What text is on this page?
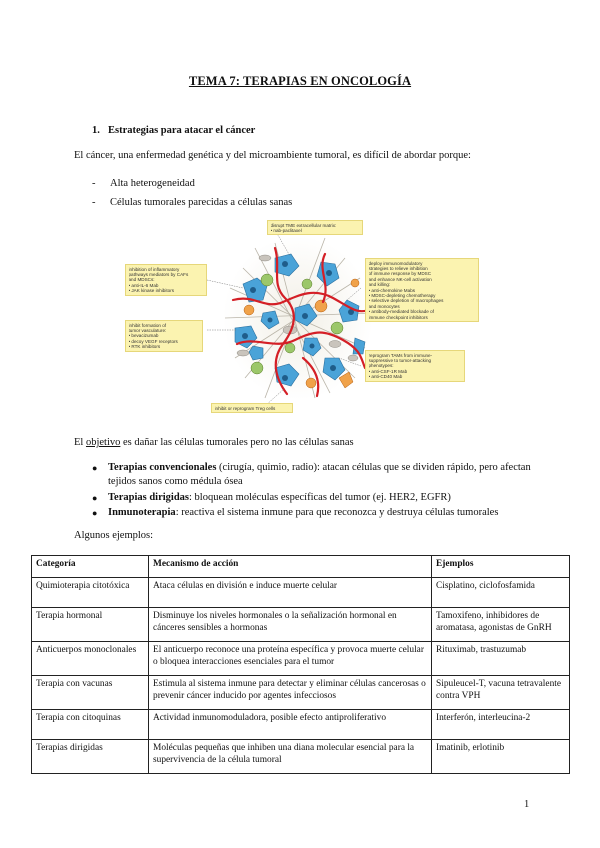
TEMA 7: TERAPIAS EN ONCOLOGÍA
1. Estrategias para atacar el cáncer
El cáncer, una enfermedad genética y del microambiente tumoral, es difícil de abordar porque:
-	Alta heterogeneidad
-	Células tumorales parecidas a células sanas
disrupt TME extracellular matrix:
• nab-paclitaxel
inhibition of inflammatory
pathways mediators by CAFs
and MDSCs:
• anti-IL-6 Mab
• JAK kinase inhibitors
inhibit formation of
tumor vasculature:
• bevacizumab
• decoy VEGF receptors
• RTK inhibitors
deploy immunomodulatory
strategies to relieve inhibition
of immune response by MDSC
and enhance NK-cell activation
and killing:
• anti-chemokine Mabs
• MDSC-depleting chemotherapy
• selective depletion of macrophages
and monocytes
• antibody-mediated blockade of
immune checkpoint inhibitors
reprogram TAMs from immune-
suppressive to tumor-attacking
phenotypes:
• anti-CSF-1R Mab
• anti-CD40 Mab
inhibit or reprogram Treg cells
El objetivo es dañar las células tumorales pero no las células sanas
●	Terapias convencionales (cirugía, quimio, radio): atacan células que se dividen rápido, pero afectan tejidos sanos como médula ósea
●	Terapias dirigidas: bloquean moléculas específicas del tumor (ej. HER2, EGFR)
●	Inmunoterapia: reactiva el sistema inmune para que reconozca y destruya células tumorales
Algunos ejemplos:
Categoría	Mecanismo de acción	Ejemplos
Quimioterapia citotóxica	Ataca células en división e induce muerte celular	Cisplatino, ciclofosfamida
Terapia hormonal	Disminuye los niveles hormonales o la señalización hormonal en cánceres sensibles a hormonas	Tamoxifeno, inhibidores de aromatasa, agonistas de GnRH
Anticuerpos monoclonales	El anticuerpo reconoce una proteína específica y provoca muerte celular o bloquea interacciones esenciales para el tumor	Rituximab, trastuzumab
Terapia con vacunas	Estimula al sistema inmune para detectar y eliminar células cancerosas o prevenir cáncer inducido por agentes infecciosos	Sipuleucel-T, vacuna tetravalente contra VPH
Terapia con citoquinas	Actividad inmunomoduladora, posible efecto antiproliferativo	Interferón, interleucina-2
Terapias dirigidas	Moléculas pequeñas que inhiben una diana molecular esencial para la supervivencia de la célula tumoral	Imatinib, erlotinib
1
